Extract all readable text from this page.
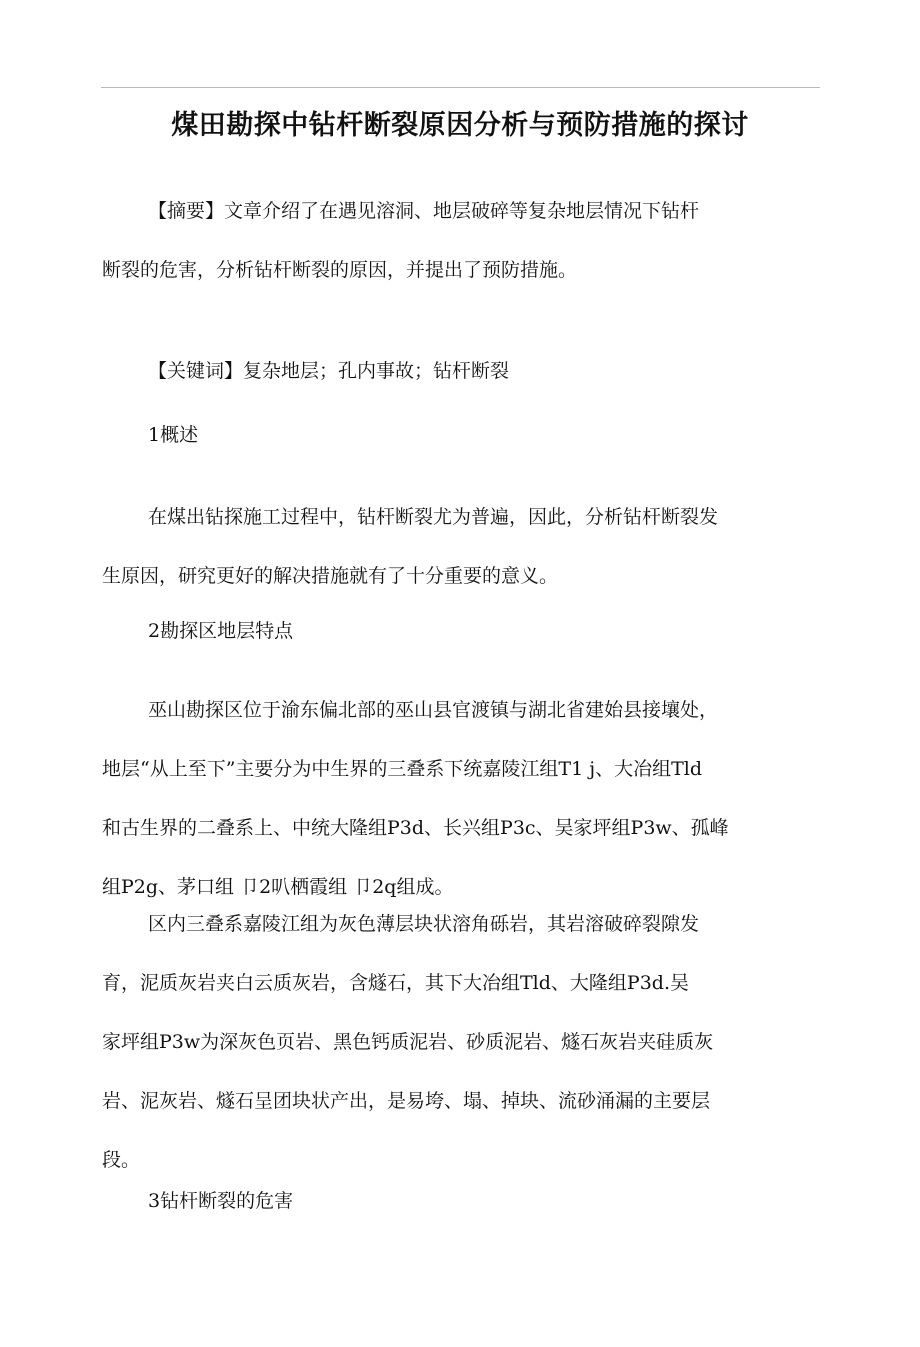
煤田勘探中钻杆断裂原因分析与预防措施的探讨
【摘要】文章介绍了在遇见溶洞、地层破碎等复杂地层情况下钻杆
断裂的危害，分析钻杆断裂的原因，并提出了预防措施。

【关键词】复杂地层；孔内事故；钻杆断裂

1概述

在煤出钻探施工过程中，钻杆断裂尤为普遍，因此，分析钻杆断裂发
生原因，研究更好的解决措施就有了十分重要的意义。

2勘探区地层特点

巫山勘探区位于渝东偏北部的巫山县官渡镇与湖北省建始县接壤处，
地层“从上至下”主要分为中生界的三叠系下统嘉陵江组T1 j、大冶组Tld
和古生界的二叠系上、中统大隆组P3d、长兴组P3c、吴家坪组P3w、孤峰
组P2g、茅口组 卩2叭栖霞组 卩2q组成。
区内三叠系嘉陵江组为灰色薄层块状溶角砾岩，其岩溶破碎裂隙发
育，泥质灰岩夹白云质灰岩，含燧石，其下大冶组Tld、大隆组P3d.吴
家坪组P3w为深灰色页岩、黑色钙质泥岩、砂质泥岩、燧石灰岩夹硅质灰
岩、泥灰岩、燧石呈团块状产出，是易垮、塌、掉块、流砂涌漏的主要层
段。

3钻杆断裂的危害
